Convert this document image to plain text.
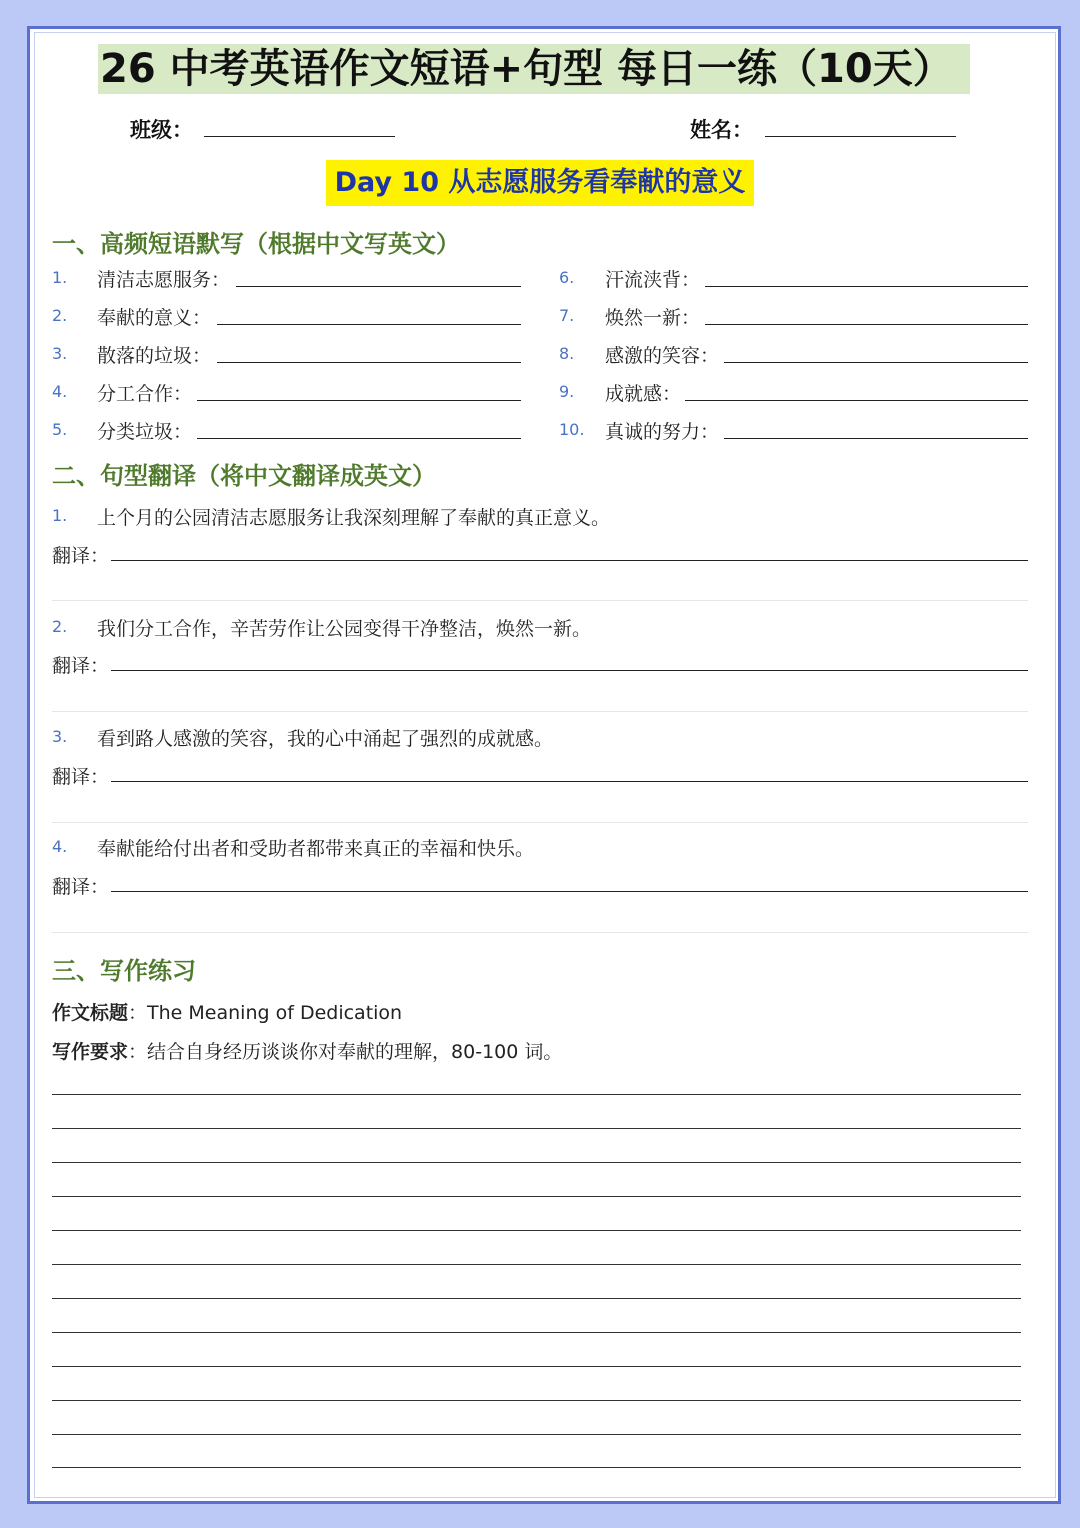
26 中考英语作文短语+句型 每日一练（10天）
班级：	姓名：
Day 10 从志愿服务看奉献的意义
一、高频短语默写（根据中文写英文）
1. 清洁志愿服务：
2. 奉献的意义：
3. 散落的垃圾：
4. 分工合作：
5. 分类垃圾：
6. 汗流浃背：
7. 焕然一新：
8. 感激的笑容：
9. 成就感：
10. 真诚的努力：
二、句型翻译（将中文翻译成英文）
1. 上个月的公园清洁志愿服务让我深刻理解了奉献的真正意义。
翻译：
2. 我们分工合作，辛苦劳作让公园变得干净整洁，焕然一新。
翻译：
3. 看到路人感激的笑容，我的心中涌起了强烈的成就感。
翻译：
4. 奉献能给付出者和受助者都带来真正的幸福和快乐。
翻译：
三、写作练习
作文标题：The Meaning of Dedication
写作要求：结合自身经历谈谈你对奉献的理解，80-100 词。
